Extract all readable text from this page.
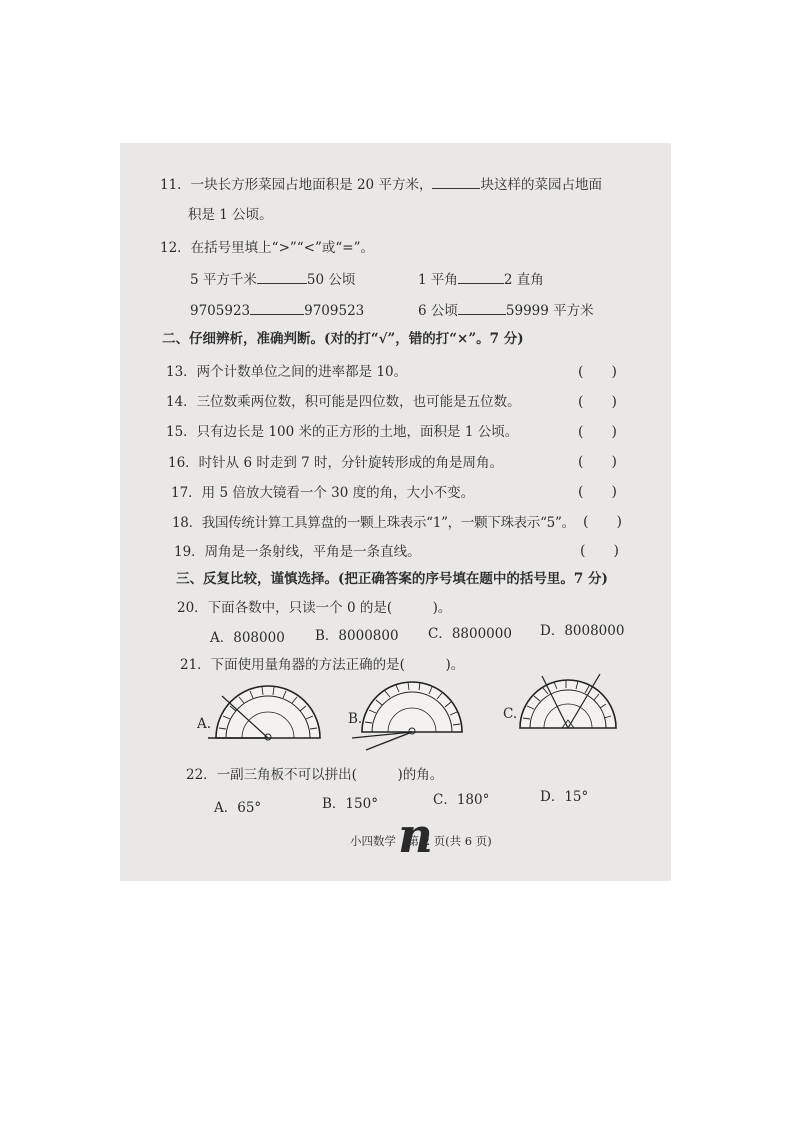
11．一块长方形菜园占地面积是 20 平方米，	块这样的菜园占地面
积是 1 公顷。
12．在括号里填上“>”“<”或“=”。
5 平方千米	50 公顷	1 平角	2 直角
9705923	9709523	6 公顷	59999 平方米
二、仔细辨析，准确判断。(对的打“√”，错的打“×”。7 分)
13．两个计数单位之间的进率都是 10。	(　　)
14．三位数乘两位数，积可能是四位数，也可能是五位数。	(　　)
15．只有边长是 100 米的正方形的土地，面积是 1 公顷。	(　　)
16．时针从 6 时走到 7 时，分针旋转形成的角是周角。	(　　)
17．用 5 倍放大镜看一个 30 度的角，大小不变。	(　　)
18．我国传统计算工具算盘的一颗上珠表示“1”，一颗下珠表示“5”。 (　　)
19．周角是一条射线，平角是一条直线。	(　　)
三、反复比较，谨慎选择。(把正确答案的序号填在题中的括号里。7 分)
20．下面各数中，只读一个 0 的是(　　　)。
A．808000 B．8000800 C．8800000 D．8008000
21．下面使用量角器的方法正确的是(　　　)。
A.	B.	C.
22．一副三角板不可以拼出(　　　)的角。
A．65°	B．150°	C．180°	D．15°
小四数学　第 2 页(共 6 页)
n
